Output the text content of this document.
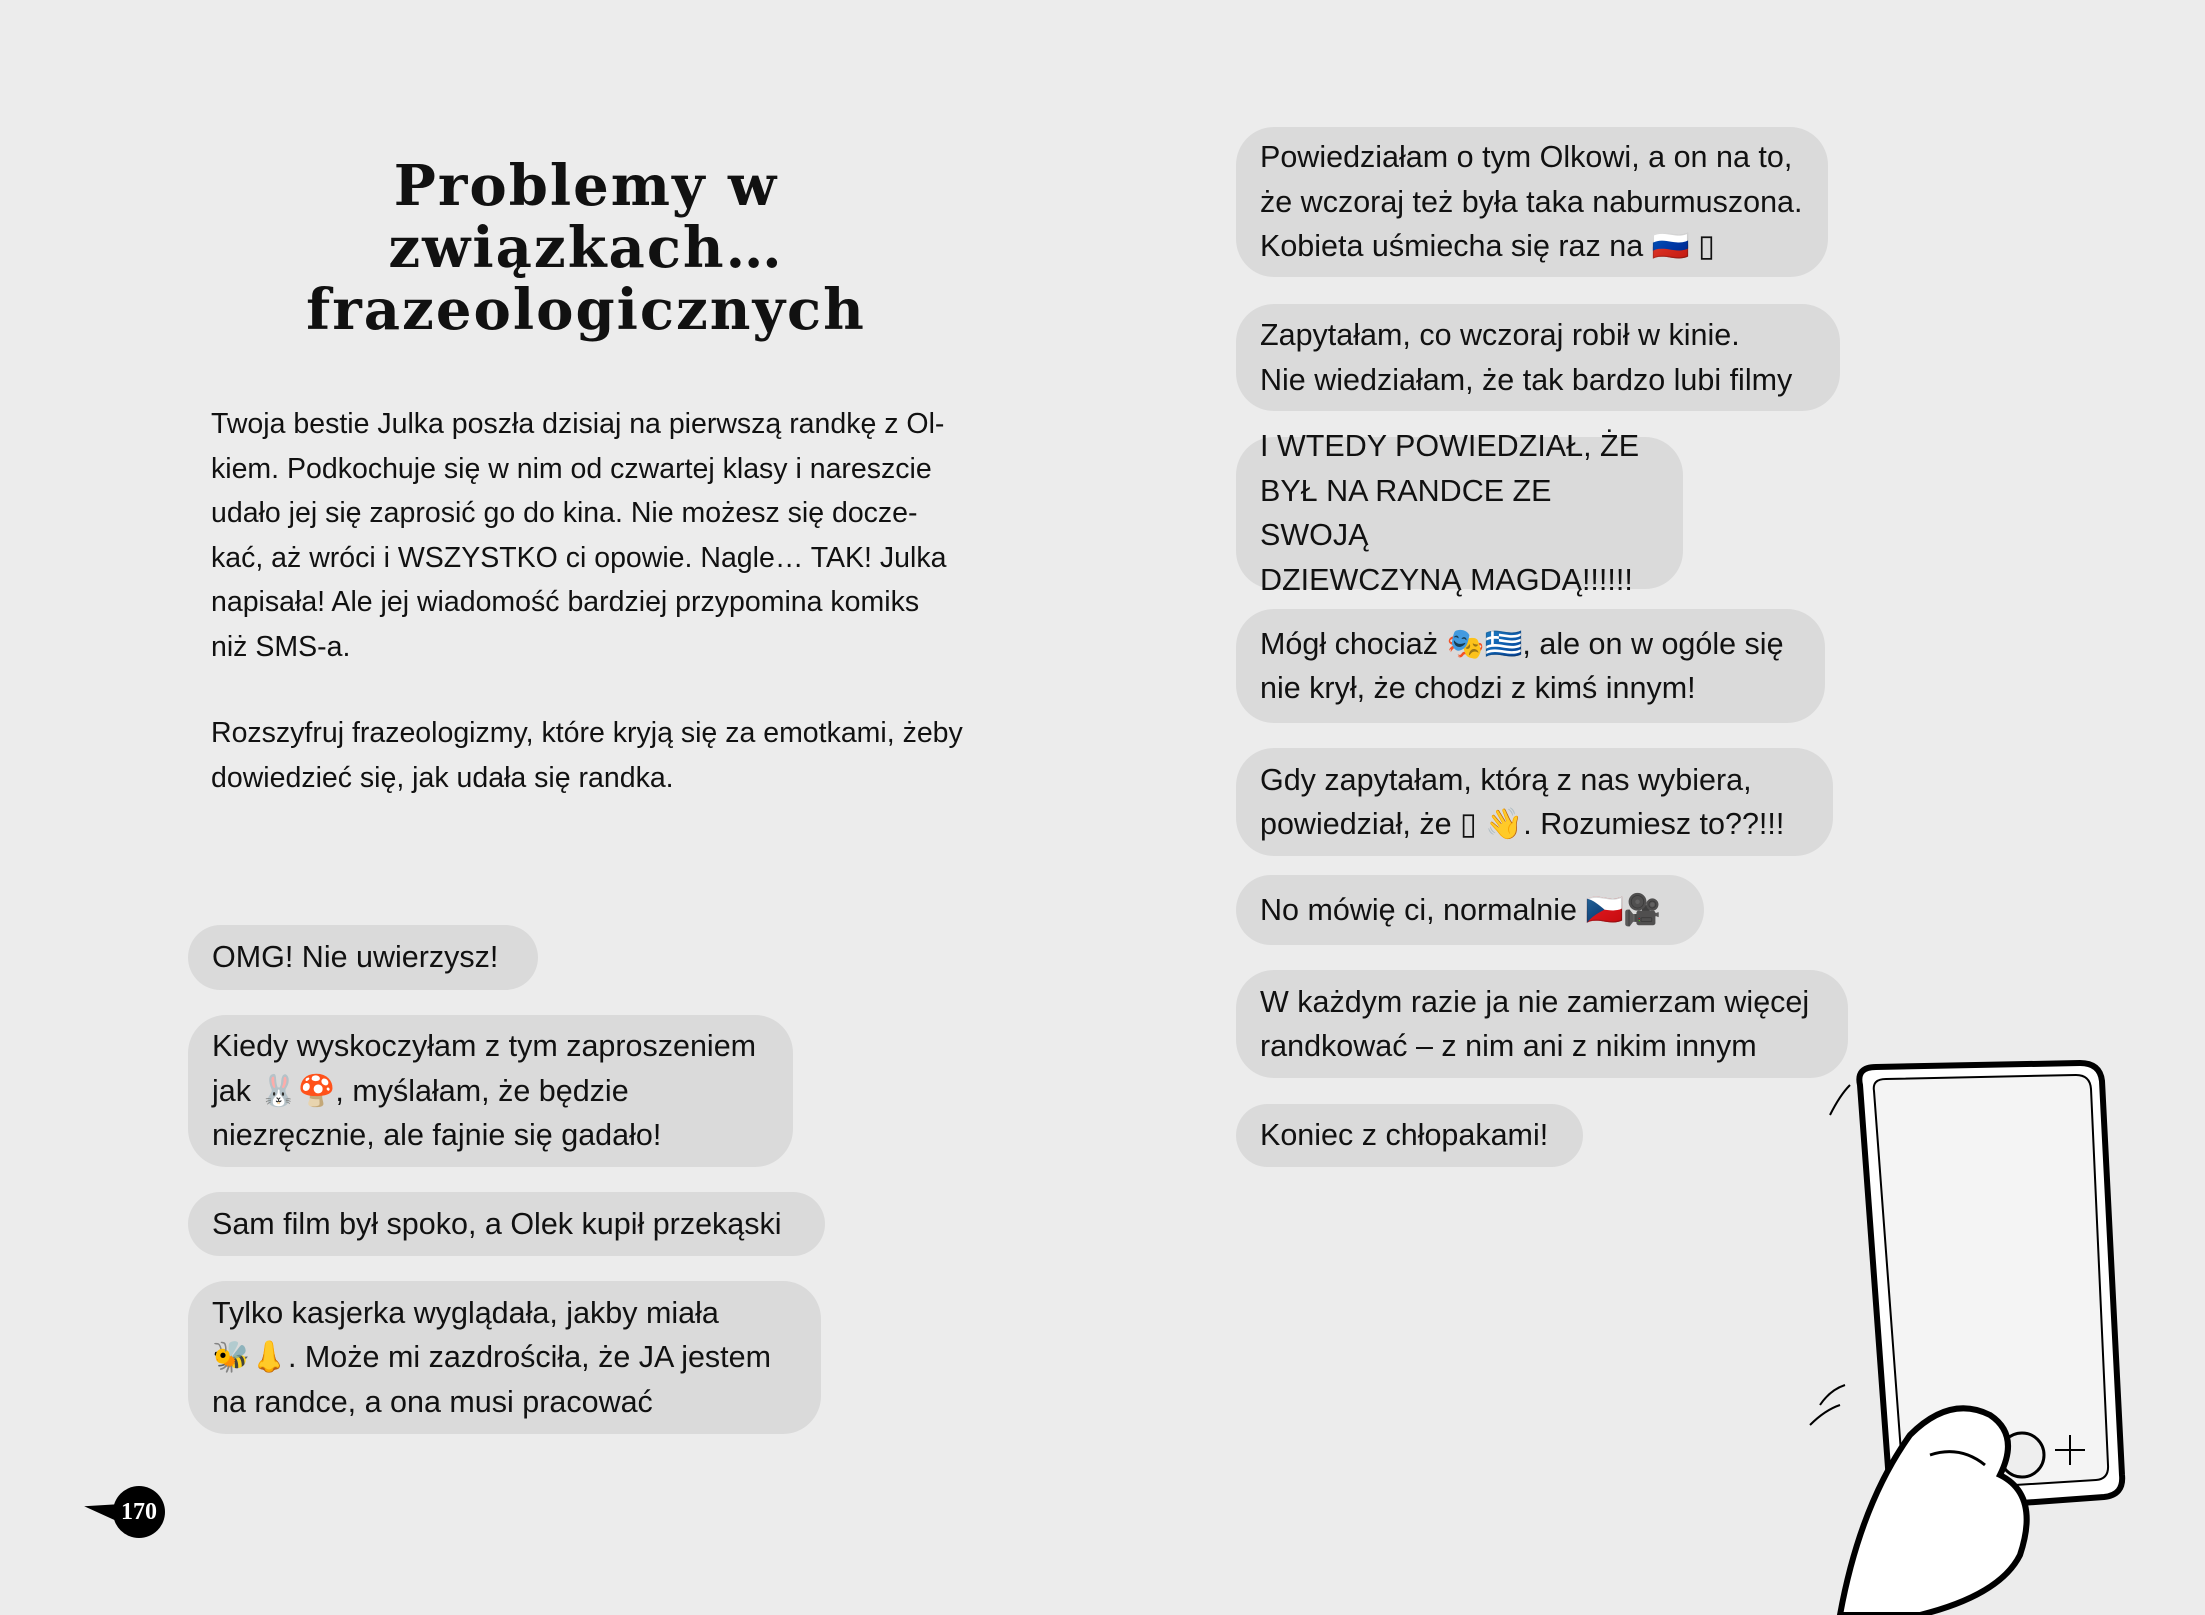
Problemy w związkach…
frazeologicznych

Twoja bestie Julka poszła dzisiaj na pierwszą randkę z Ol-
kiem. Podkochuje się w nim od czwartej klasy i nareszcie
udało jej się zaprosić go do kina. Nie możesz się docze-
kać, aż wróci i WSZYSTKO ci opowie. Nagle… TAK! Julka
napisała! Ale jej wiadomość bardziej przypomina komiks
niż SMS-a.

Rozszyfruj frazeologizmy, które kryją się za emotkami, żeby
dowiedzieć się, jak udała się randka.

OMG! Nie uwierzysz!
Kiedy wyskoczyłam z tym zaproszeniem
jak 🐰🍄, myślałam, że będzie
niezręcznie, ale fajnie się gadało!
Sam film był spoko, a Olek kupił przekąski
Tylko kasjerka wyglądała, jakby miała
🐝👃. Może mi zazdrościła, że JA jestem
na randce, a ona musi pracować
Powiedziałam o tym Olkowi, a on na to,
że wczoraj też była taka naburmuszona.
Kobieta uśmiecha się raz na 🇷🇺 ▯
Zapytałam, co wczoraj robił w kinie.
Nie wiedziałam, że tak bardzo lubi filmy
I WTEDY POWIEDZIAŁ, ŻE
BYŁ NA RANDCE ZE SWOJĄ
DZIEWCZYNĄ MAGDĄ!!!!!!
Mógł chociaż 🎭🇬🇷, ale on w ogóle się
nie krył, że chodzi z kimś innym!
Gdy zapytałam, którą z nas wybiera,
powiedział, że ▯ 👋. Rozumiesz to??!!!
No mówię ci, normalnie 🇨🇿🎥
W każdym razie ja nie zamierzam więcej
randkować – z nim ani z nikim innym
Koniec z chłopakami!
170
